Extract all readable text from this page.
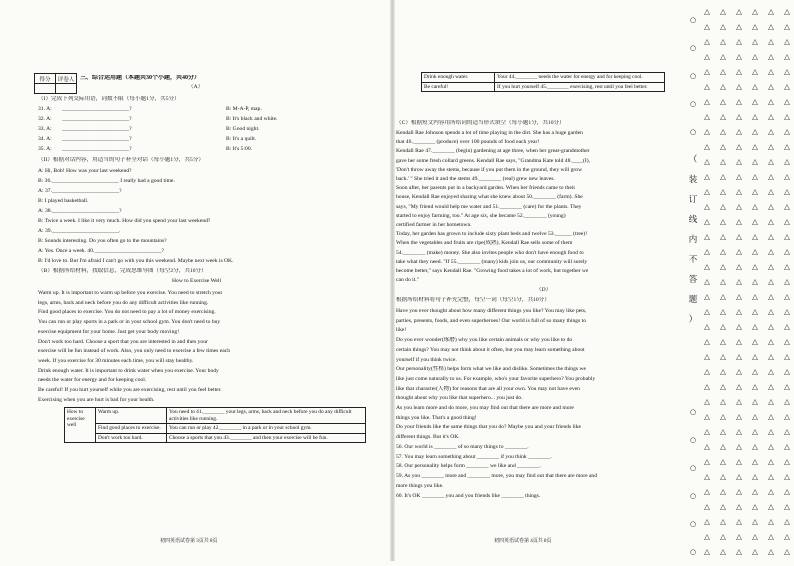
得分	评卷人
	三、综合运用题（本题共30个小题，共40分）
（A）
（I）完成下列交际用语，词数不限（每小题1分，共5分）
31. A: ________________________?	B: M-A-P, map.
32. A: ________________________?	B: It's black and white.
33. A: ________________________?	B: Good night.
34. A: ________________________?	B: It's a quilt.
35. A: ________________________?	B: It's 5:00.
（II）根据对话内容，用适当的句子补全对话（每小题1分，共5分）
A: Hi, Bob! How was your last weekend?
B: 36.________________________ I really had a good time.
A: 37.________________________?
B: I played basketball.
A: 38.________________________?
B: Twice a week. I like it very much. How did you spend your last weekend?
A: 39.________________________.
B: Sounds interesting. Do you often go to the mountains?
A: Yes. Once a week. 40.________________________?
B: I'd love to. But I'm afraid I can't go with you this weekend. Maybe next week is OK.
（B）根据所给材料，找取信息，完成思维导图（每空2分，共10分）
How to Exercise Well
Warm up. It is important to warm up before you exercise. You need to stretch your
legs, arms, back and neck before you do any difficult activities like running.
Find good places to exercise. You do not need to pay a lot of money exercising.
You can run or play sports in a park or in your school gym. You don't need to buy
exercise equipment for your home. Just get your body moving!
Don't work too hard. Choose a sport that you are interested in and then your
exercise will be fun instead of work. Also, you only need to exercise a few times each
week. If you exercise for 30 minutes each time, you will stay healthy.
Drink enough water. It is important to drink water when you exercise. Your body
needs the water for energy and for keeping cool.
Be careful! If you hurt yourself while you are exercising, rest until you feel better.
Exercising when you are hurt is bad for your health.
How to exercise well	Warm up.	You need to 41.________ your legs, arms, back and neck before you do any difficult activities like running.
	Find good places to exercise.	You can run or play 42.________ in a park or in your school gym.
	Don't work too hard.	Choose a sports that you 43.________ and then your exercise will be fun.
初四英语试卷第 3页共 8页
Drink enough water.	Your 44.________ needs the water for energy and for keeping cool.
Be careful!	If you hurt yourself 45.________ exercising, rest until you feel better.
（C）根据短文内容用所给词的适当形式填空（每小题1分，共10分）
Kendall Rae Johnson spends a lot of time playing in the dirt. She has a huge garden
that 46.________ (produce) over 100 pounds of food each year!
Kendall Rae 47.________ (begin) gardening at age three, when her great-grandmother
gave her some fresh collard greens. Kendall Rae says, "Grandma Kate told 48.____(I),
'Don't throw away the stems, because if you put them in the ground, they will grow
back.' " She tried it and the stems 49.________ (real) grew new leaves.
Soon after, her parents put in a backyard garden. When her friends came to their
house, Kendall Rae enjoyed sharing what she knew about 50.________ (farm). She
says, "My friend would help me water and 51.________ (care) for the plants. They
started to enjoy farming, too." At age six, she became 52.________ (young)
certified farmer in her hometown.
Today, her garden has grown to include sixty plant beds and twelve 53.______ (tree)!
When the vegetables and fruits are ripe(成熟), Kendall Rae sells some of them
54.________ (make) money. She also invites people who don't have enough food to
take what they need. "If 55.________ (many) kids join us, our community will surely
become better," says Kendall Rae. "Growing food takes a lot of work, but together we
can do it."
（D）
根据所给材料将句子补充完整，每空一词（每空1分，共10分）
Have you ever thought about how many different things you like? You may like pets,
parties, presents, foods, and even superheroes! Our world is full of so many things to
like!
Do you ever wonder(琢磨) why you like certain animals or why you like to do
certain things? You may not think about it often, but you may learn something about
yourself if you think twice.
Our personality(性格) helps form what we like and dislike. Sometimes the things we
like just come naturally to us. For example, who's your favorite superhero? You probably
like that character(人物) for reasons that are all your own. You may not have even
thought about why you like that superhero... you just do.
As you learn more and do more, you may find out that there are more and more
things you like. That's a good thing!
Do your friends like the same things that you do? Maybe you and your friends like
different things. But it's OK.
56. Our world is ________ of so many things to ________.
57. You may learn something about ________ if you think ________.
58. Our personality helps form ________ we like and ________.
59. As you ________ more and ________ more, you may find out that there are more and
more things you like.
60. It's OK ________ you and you friends like ________ things.
初四英语试卷第 4页共 8页
△
△
△
△
△
△
△
△
△
△
△
△
△
△
△
△
△
△
△
△
△
△
△
△
△
△
△
△
△
△
△
△
△
△
△
△
△
△
△
△
△
△
△
△
△
△
△
△
△
△
△
△
△
△
△
△
△
△
△
△
△
△
△
△
△
△
△
△
△
△
△
△
△
△
△
△
△
△
△
△
△
△
△
△
△
△
△
△
△
△
△
△
△
△
△
△
△
△
△
△
△
△
△
△
△
△
△
△
△
△
△
△
△
△
△
△
△
△
△
△
△
△
△
△
△
△
△
△
△
△
△
△
△
△
△
△
△
△
△
△
△
△
△
△
△
△
△
△
△
△
△
△
△
△
△
△
△
△
△
△
△
△
△
△
△
△
△
△
△
△
△
△
△
△
△
△
△
△
△
△
△
△
△
△
△
△
△
△
△
△
△
△
△
△
△
△
△
△
△
△
△
△
△
△
△
△
△
△
△
△
△
△
△
△
△
△
△
△
△
△
△
△
○
○
○
○
○
○
○
○
○
○
○
（
装
订
线
内
不
答
题
）
